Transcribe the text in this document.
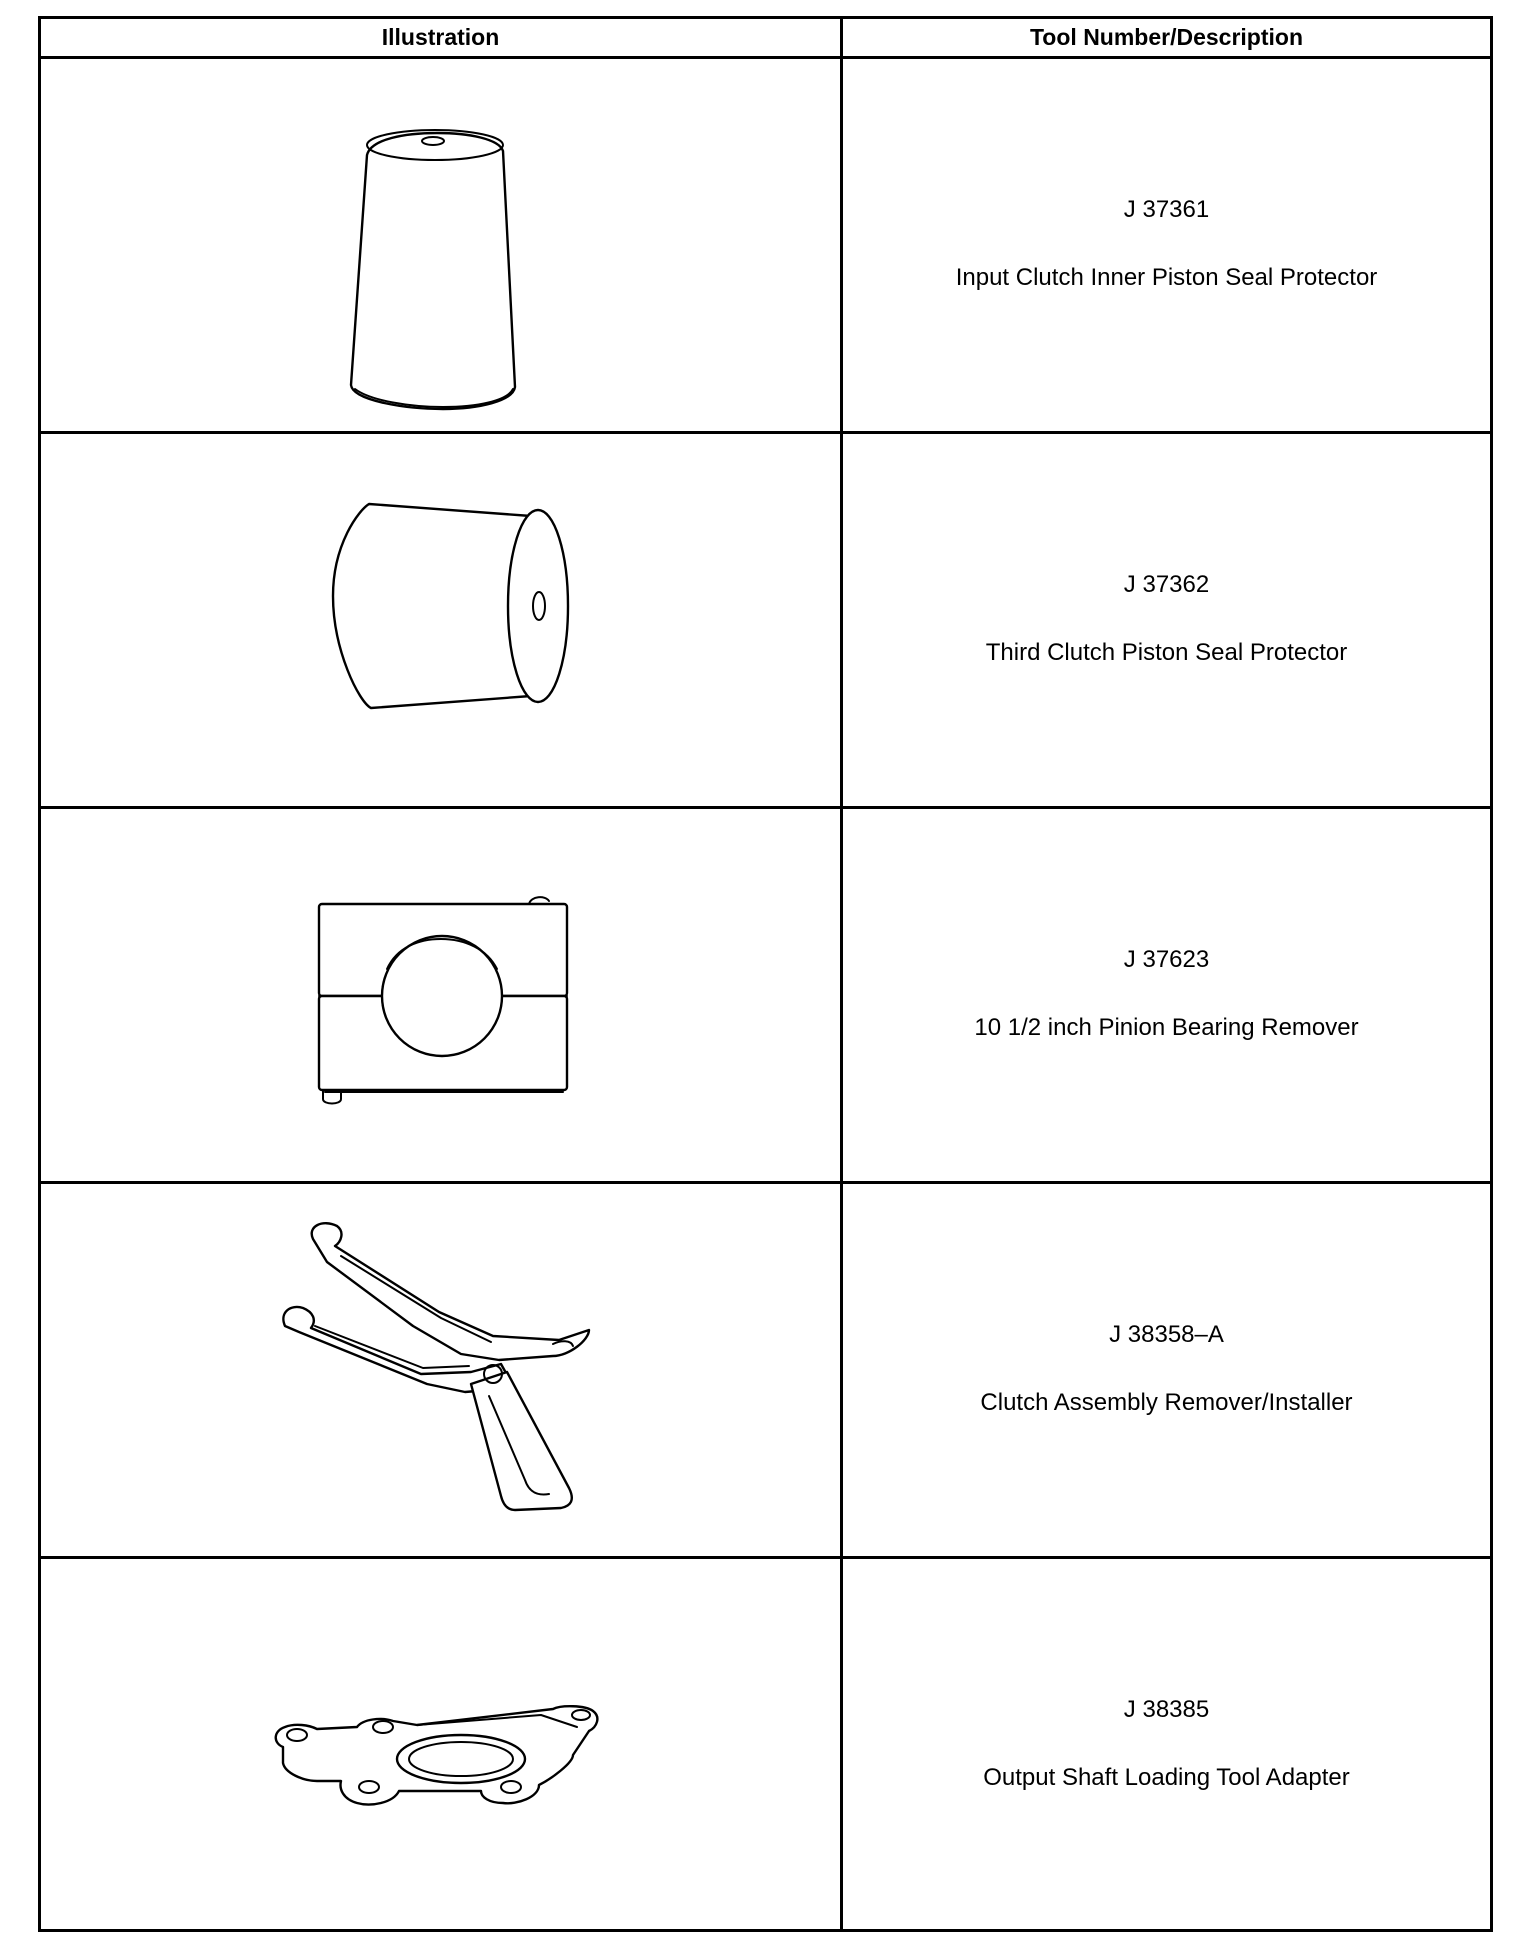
Illustration	Tool Number/Description
J 37361
Input Clutch Inner Piston Seal Protector
J 37362
Third Clutch Piston Seal Protector
J 37623
10 1/2 inch Pinion Bearing Remover
J 38358–A
Clutch Assembly Remover/Installer
J 38385
Output Shaft Loading Tool Adapter
